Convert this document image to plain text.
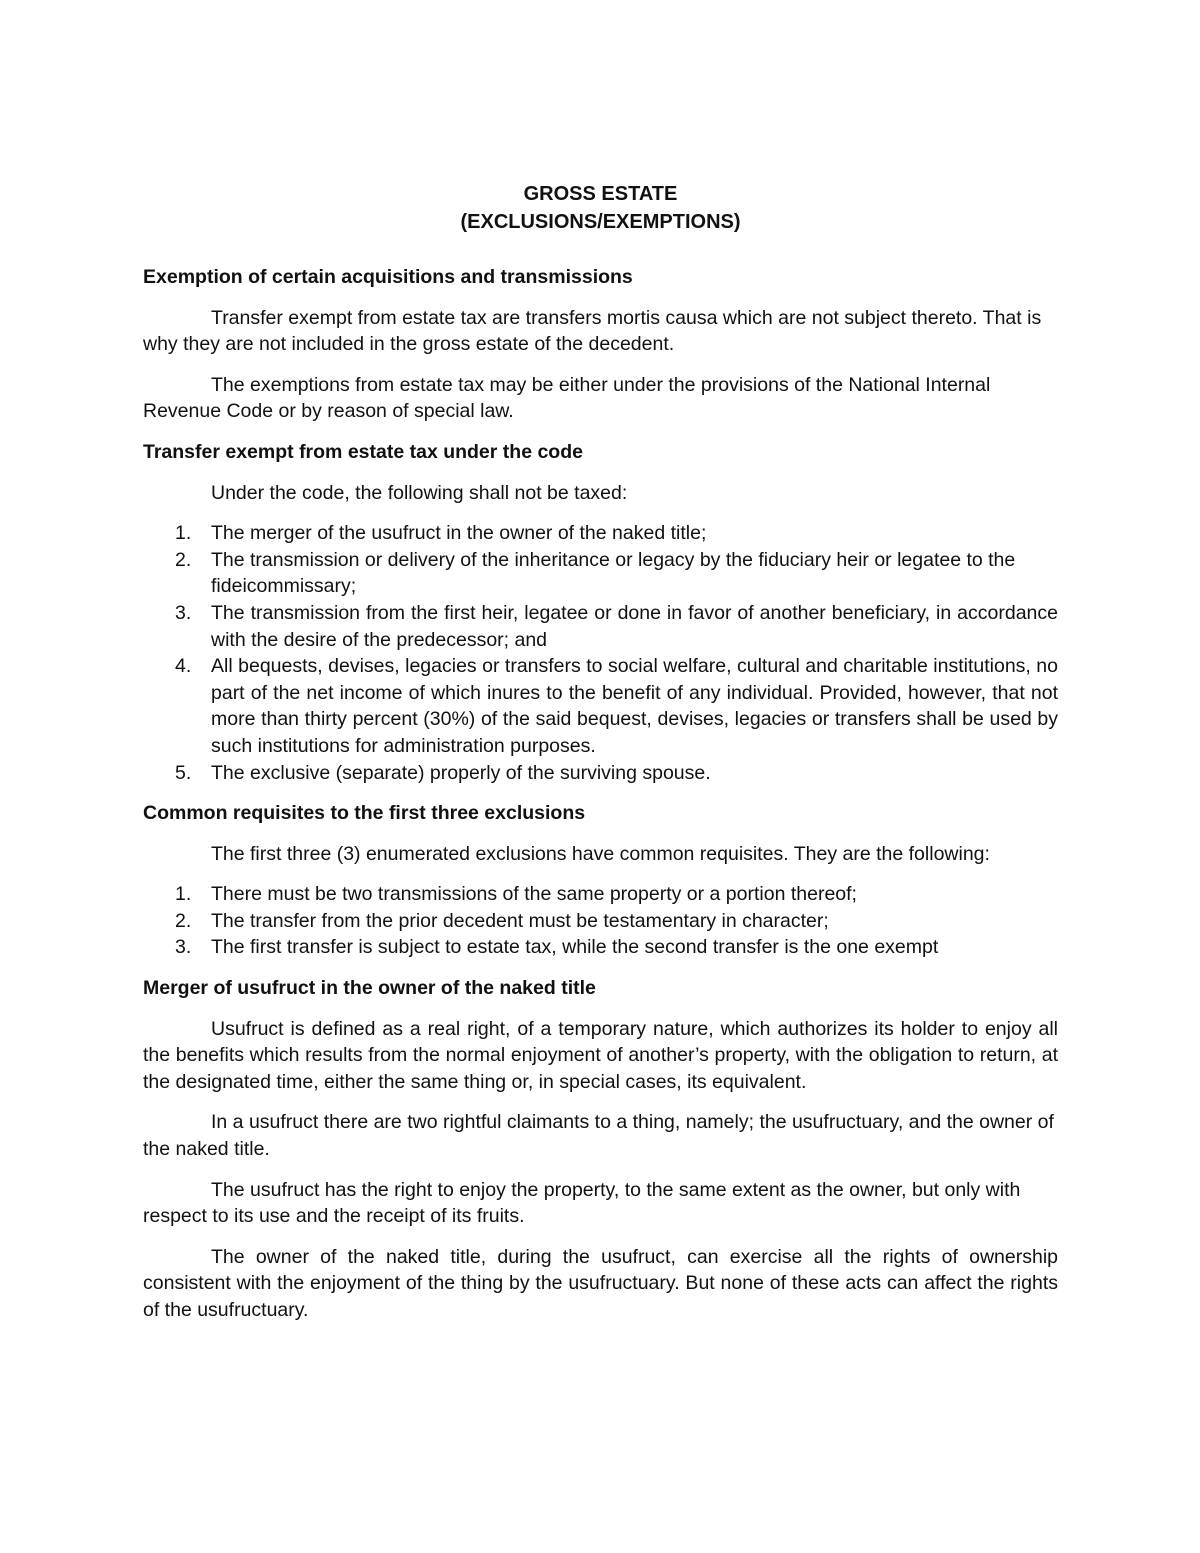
GROSS ESTATE
(EXCLUSIONS/EXEMPTIONS)
Exemption of certain acquisitions and transmissions

Transfer exempt from estate tax are transfers mortis causa which are not subject thereto. That is why they are not included in the gross estate of the decedent.

The exemptions from estate tax may be either under the provisions of the National Internal Revenue Code or by reason of special law.

Transfer exempt from estate tax under the code

Under the code, the following shall not be taxed:

1. The merger of the usufruct in the owner of the naked title;
2. The transmission or delivery of the inheritance or legacy by the fiduciary heir or legatee to the fideicommissary;
3. The transmission from the first heir, legatee or done in favor of another beneficiary, in accordance with the desire of the predecessor; and
4. All bequests, devises, legacies or transfers to social welfare, cultural and charitable institutions, no part of the net income of which inures to the benefit of any individual. Provided, however, that not more than thirty percent (30%) of the said bequest, devises, legacies or transfers shall be used by such institutions for administration purposes.
5. The exclusive (separate) properly of the surviving spouse.
Common requisites to the first three exclusions

The first three (3) enumerated exclusions have common requisites. They are the following:

1. There must be two transmissions of the same property or a portion thereof;
2. The transfer from the prior decedent must be testamentary in character;
3. The first transfer is subject to estate tax, while the second transfer is the one exempt
Merger of usufruct in the owner of the naked title

Usufruct is defined as a real right, of a temporary nature, which authorizes its holder to enjoy all the benefits which results from the normal enjoyment of another’s property, with the obligation to return, at the designated time, either the same thing or, in special cases, its equivalent.

In a usufruct there are two rightful claimants to a thing, namely; the usufructuary, and the owner of the naked title.

The usufruct has the right to enjoy the property, to the same extent as the owner, but only with respect to its use and the receipt of its fruits.

The owner of the naked title, during the usufruct, can exercise all the rights of ownership consistent with the enjoyment of the thing by the usufructuary. But none of these acts can affect the rights of the usufructuary.
